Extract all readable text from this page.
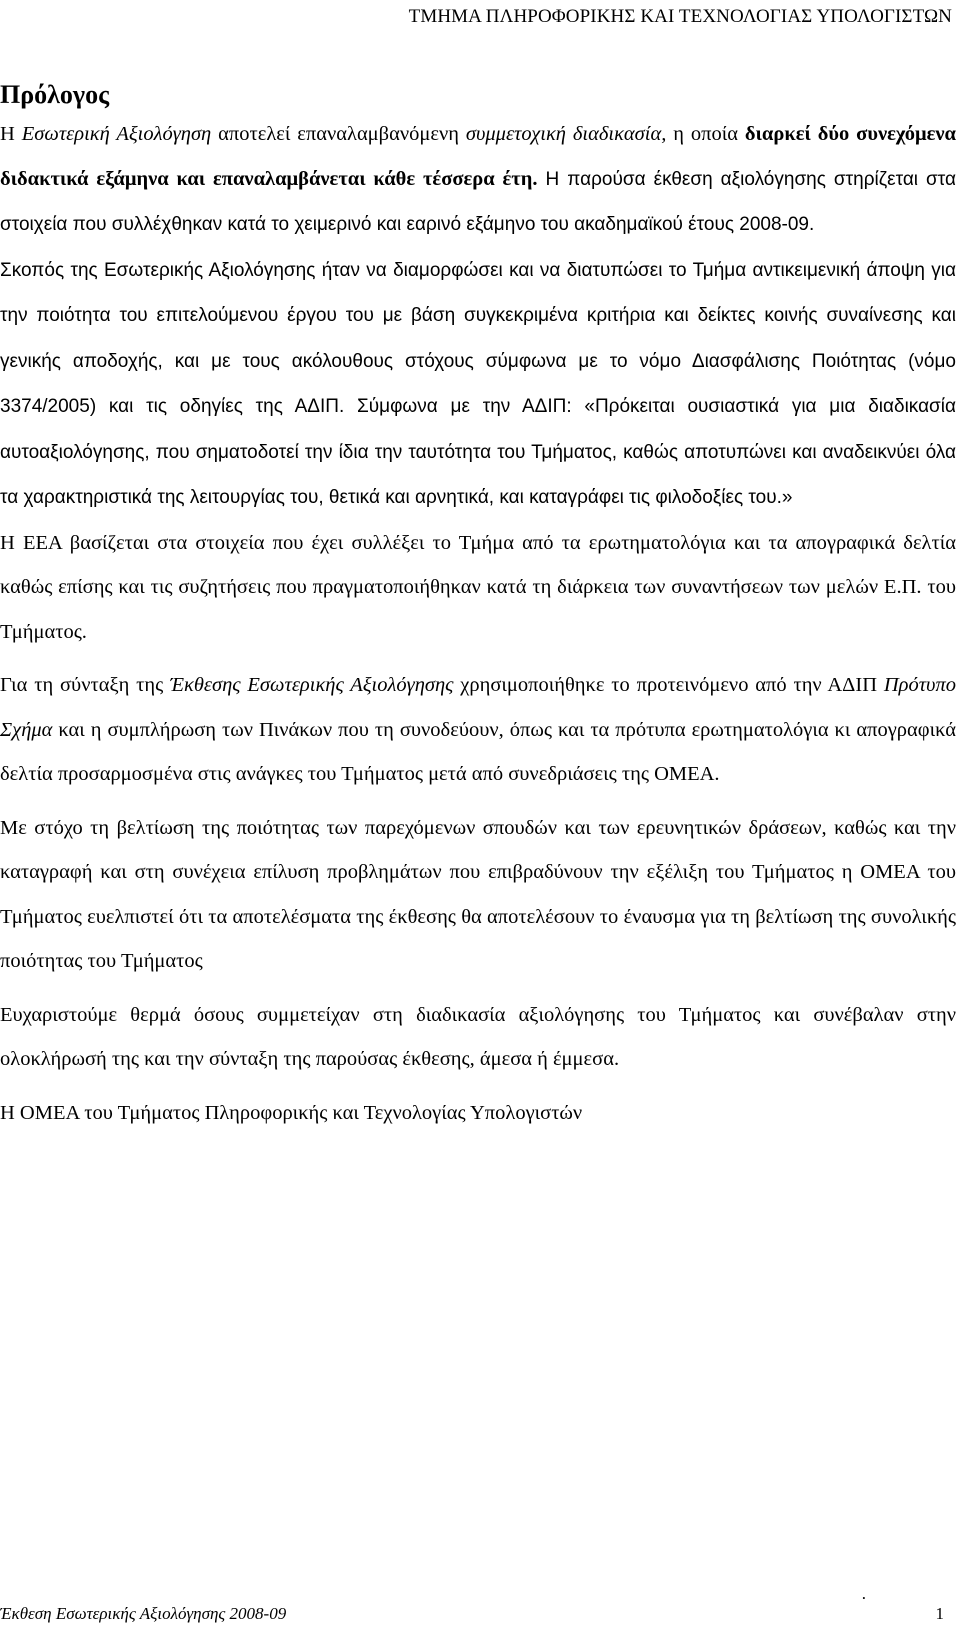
ΤΜΗΜΑ ΠΛΗΡΟΦΟΡΙΚΗΣ ΚΑΙ ΤΕΧΝΟΛΟΓΙΑΣ ΥΠΟΛΟΓΙΣΤΩΝ
Πρόλογος

Η Εσωτερική Αξιολόγηση αποτελεί επαναλαμβανόμενη συμμετοχική διαδικασία, η οποία διαρκεί δύο συνεχόμενα διδακτικά εξάμηνα και επαναλαμβάνεται κάθε τέσσερα έτη. Η παρούσα έκθεση αξιολόγησης στηρίζεται στα στοιχεία που συλλέχθηκαν κατά το χειμερινό και εαρινό εξάμηνο του ακαδημαϊκού έτους 2008-09.

Σκοπός της Εσωτερικής Αξιολόγησης ήταν να διαμορφώσει και να διατυπώσει το Τμήμα αντικειμενική άποψη για την ποιότητα του επιτελούμενου έργου του με βάση συγκεκριμένα κριτήρια και δείκτες κοινής συναίνεσης και γενικής αποδοχής, και με τους ακόλουθους στόχους σύμφωνα με το νόμο Διασφάλισης Ποιότητας (νόμο 3374/2005) και τις οδηγίες της ΑΔΙΠ. Σύμφωνα με την ΑΔΙΠ: «Πρόκειται ουσιαστικά για μια διαδικασία αυτοαξιολόγησης, που σηματοδοτεί την ίδια την ταυτότητα του Τμήματος, καθώς αποτυπώνει και αναδεικνύει όλα τα χαρακτηριστικά της λειτουργίας του, θετικά και αρνητικά, και καταγράφει τις φιλοδοξίες του.»

Η ΕΕΑ βασίζεται στα στοιχεία που έχει συλλέξει το Τμήμα από τα ερωτηματολόγια και τα απογραφικά δελτία καθώς επίσης και τις συζητήσεις που πραγματοποιήθηκαν κατά τη διάρκεια των συναντήσεων των μελών Ε.Π. του Τμήματος.

Για τη σύνταξη της Έκθεσης Εσωτερικής Αξιολόγησης χρησιμοποιήθηκε το προτεινόμενο από την ΑΔΙΠ Πρότυπο Σχήμα και η συμπλήρωση των Πινάκων που τη συνοδεύουν, όπως και τα πρότυπα ερωτηματολόγια κι απογραφικά δελτία προσαρμοσμένα στις ανάγκες του Τμήματος μετά από συνεδριάσεις της ΟΜΕΑ.

Με στόχο τη βελτίωση της ποιότητας των παρεχόμενων σπουδών και των ερευνητικών δράσεων, καθώς και την καταγραφή και στη συνέχεια επίλυση προβλημάτων που επιβραδύνουν την εξέλιξη του Τμήματος η ΟΜΕΑ του Τμήματος ευελπιστεί ότι τα αποτελέσματα της έκθεσης θα αποτελέσουν το έναυσμα για τη βελτίωση της συνολικής ποιότητας του Τμήματος

Ευχαριστούμε θερμά όσους συμμετείχαν στη διαδικασία αξιολόγησης του Τμήματος και συνέβαλαν στην ολοκλήρωσή της και την σύνταξη της παρούσας έκθεσης, άμεσα ή έμμεσα.

Η ΟΜΕΑ του Τμήματος Πληροφορικής και Τεχνολογίας Υπολογιστών

.
Έκθεση Εσωτερικής Αξιολόγησης 2008-09	1
